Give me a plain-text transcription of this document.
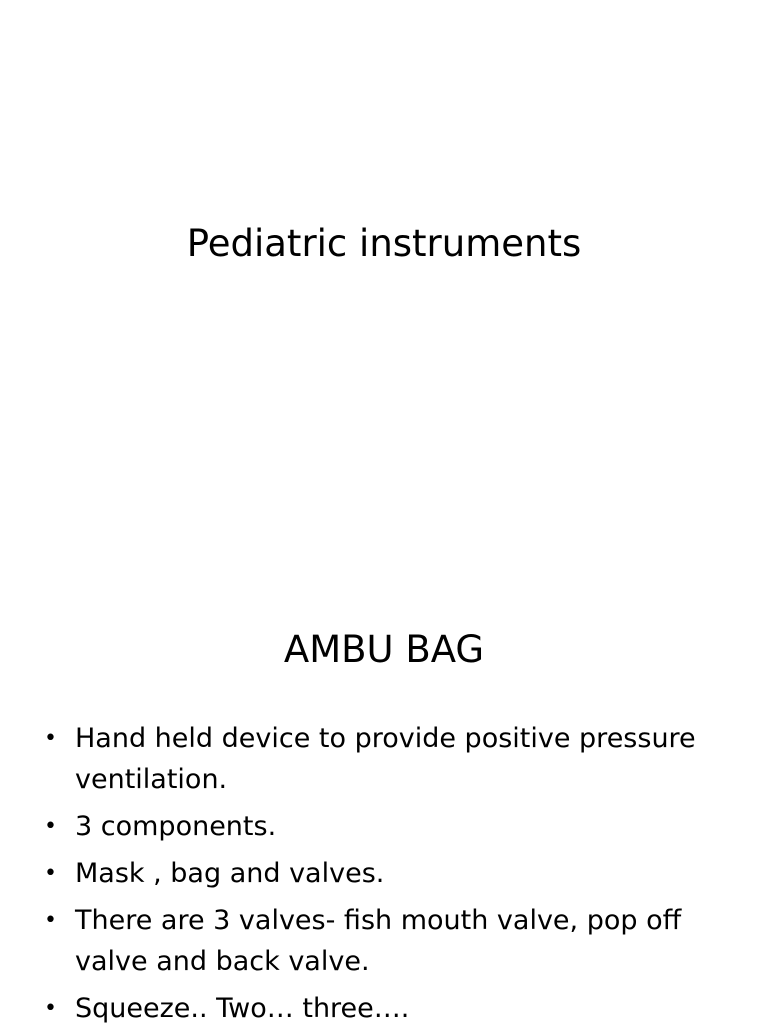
Pediatric instruments
AMBU BAG
• Hand held device to provide positive pressure ventilation.
• 3 components.
• Mask , bag and valves.
• There are 3 valves- fish mouth valve, pop off valve and back valve.
• Squeeze.. Two… three….
